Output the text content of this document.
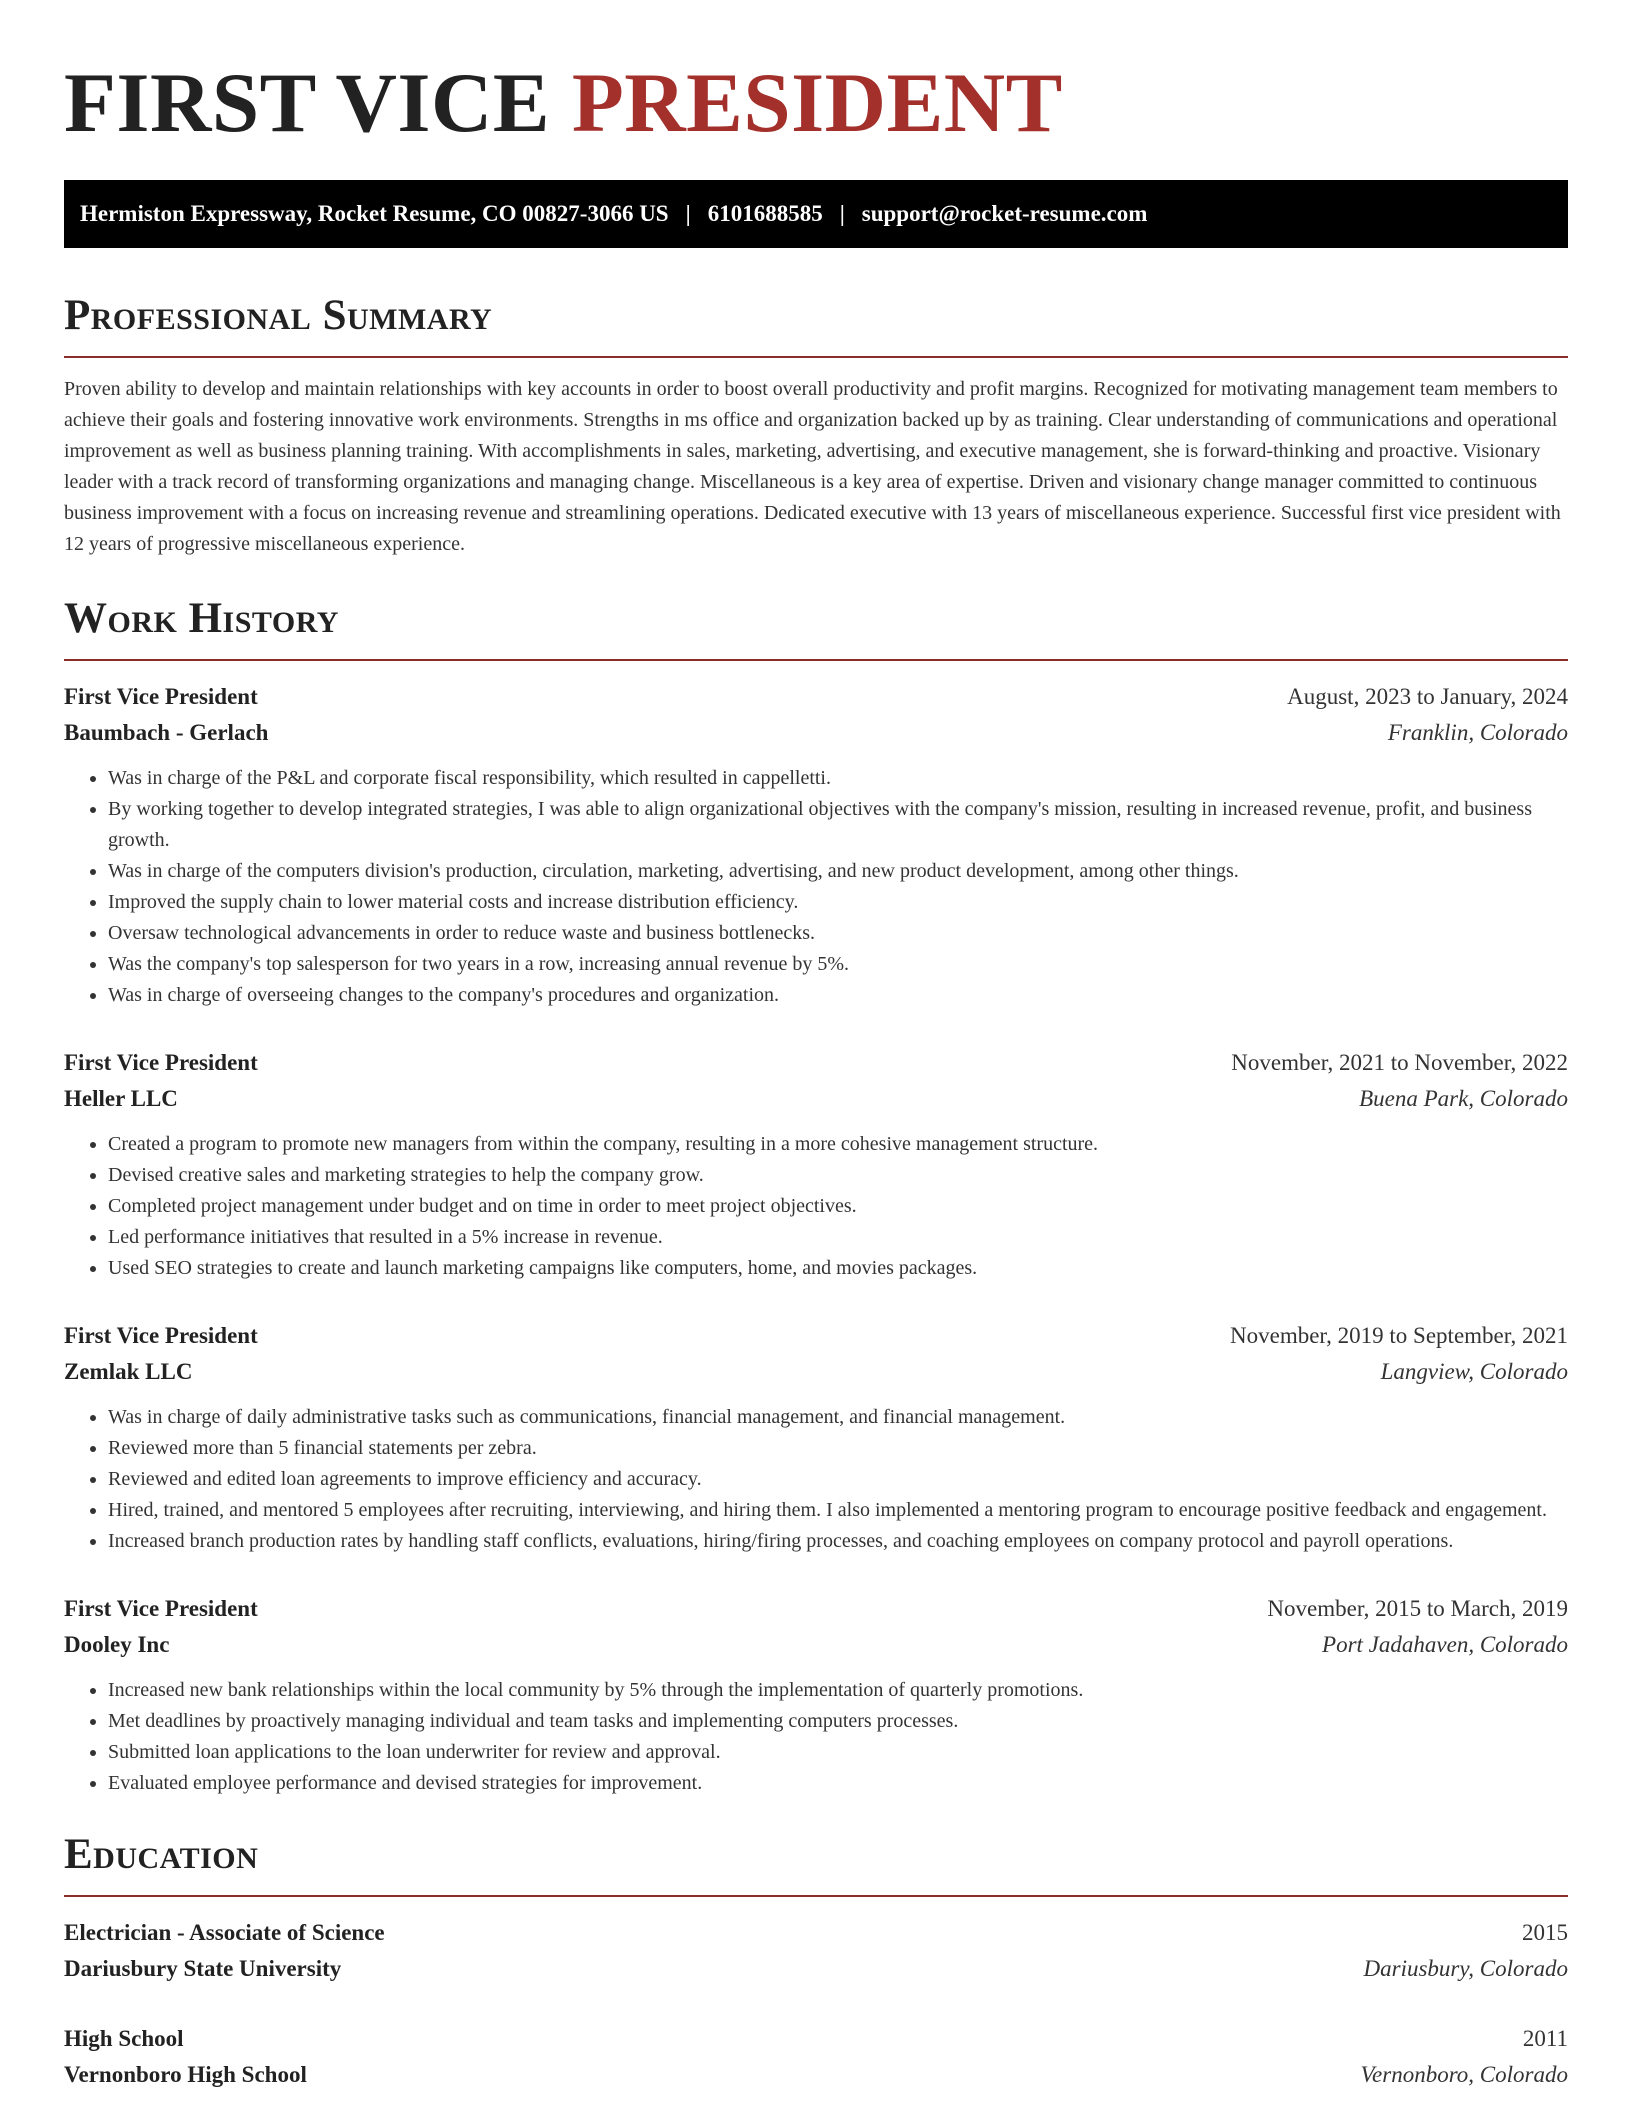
FIRST VICE PRESIDENT
Hermiston Expressway, Rocket Resume, CO 00827-3066 US | 6101688585 | support@rocket-resume.com
Professional Summary

Proven ability to develop and maintain relationships with key accounts in order to boost overall productivity and profit margins. Recognized for motivating management team members to achieve their goals and fostering innovative work environments. Strengths in ms office and organization backed up by as training. Clear understanding of communications and operational improvement as well as business planning training. With accomplishments in sales, marketing, advertising, and executive management, she is forward-thinking and proactive. Visionary leader with a track record of transforming organizations and managing change. Miscellaneous is a key area of expertise. Driven and visionary change manager committed to continuous business improvement with a focus on increasing revenue and streamlining operations. Dedicated executive with 13 years of miscellaneous experience. Successful first vice president with 12 years of progressive miscellaneous experience.

Work History
First Vice President	August, 2023 to January, 2024
Baumbach - Gerlach	Franklin, Colorado
• Was in charge of the P&L and corporate fiscal responsibility, which resulted in cappelletti.
• By working together to develop integrated strategies, I was able to align organizational objectives with the company's mission, resulting in increased revenue, profit, and business growth.
• Was in charge of the computers division's production, circulation, marketing, advertising, and new product development, among other things.
• Improved the supply chain to lower material costs and increase distribution efficiency.
• Oversaw technological advancements in order to reduce waste and business bottlenecks.
• Was the company's top salesperson for two years in a row, increasing annual revenue by 5%.
• Was in charge of overseeing changes to the company's procedures and organization.
First Vice President	November, 2021 to November, 2022
Heller LLC	Buena Park, Colorado
• Created a program to promote new managers from within the company, resulting in a more cohesive management structure.
• Devised creative sales and marketing strategies to help the company grow.
• Completed project management under budget and on time in order to meet project objectives.
• Led performance initiatives that resulted in a 5% increase in revenue.
• Used SEO strategies to create and launch marketing campaigns like computers, home, and movies packages.
First Vice President	November, 2019 to September, 2021
Zemlak LLC	Langview, Colorado
• Was in charge of daily administrative tasks such as communications, financial management, and financial management.
• Reviewed more than 5 financial statements per zebra.
• Reviewed and edited loan agreements to improve efficiency and accuracy.
• Hired, trained, and mentored 5 employees after recruiting, interviewing, and hiring them. I also implemented a mentoring program to encourage positive feedback and engagement.
• Increased branch production rates by handling staff conflicts, evaluations, hiring/firing processes, and coaching employees on company protocol and payroll operations.
First Vice President	November, 2015 to March, 2019
Dooley Inc	Port Jadahaven, Colorado
• Increased new bank relationships within the local community by 5% through the implementation of quarterly promotions.
• Met deadlines by proactively managing individual and team tasks and implementing computers processes.
• Submitted loan applications to the loan underwriter for review and approval.
• Evaluated employee performance and devised strategies for improvement.
Education
Electrician - Associate of Science	2015
Dariusbury State University	Dariusbury, Colorado
High School	2011
Vernonboro High School	Vernonboro, Colorado
